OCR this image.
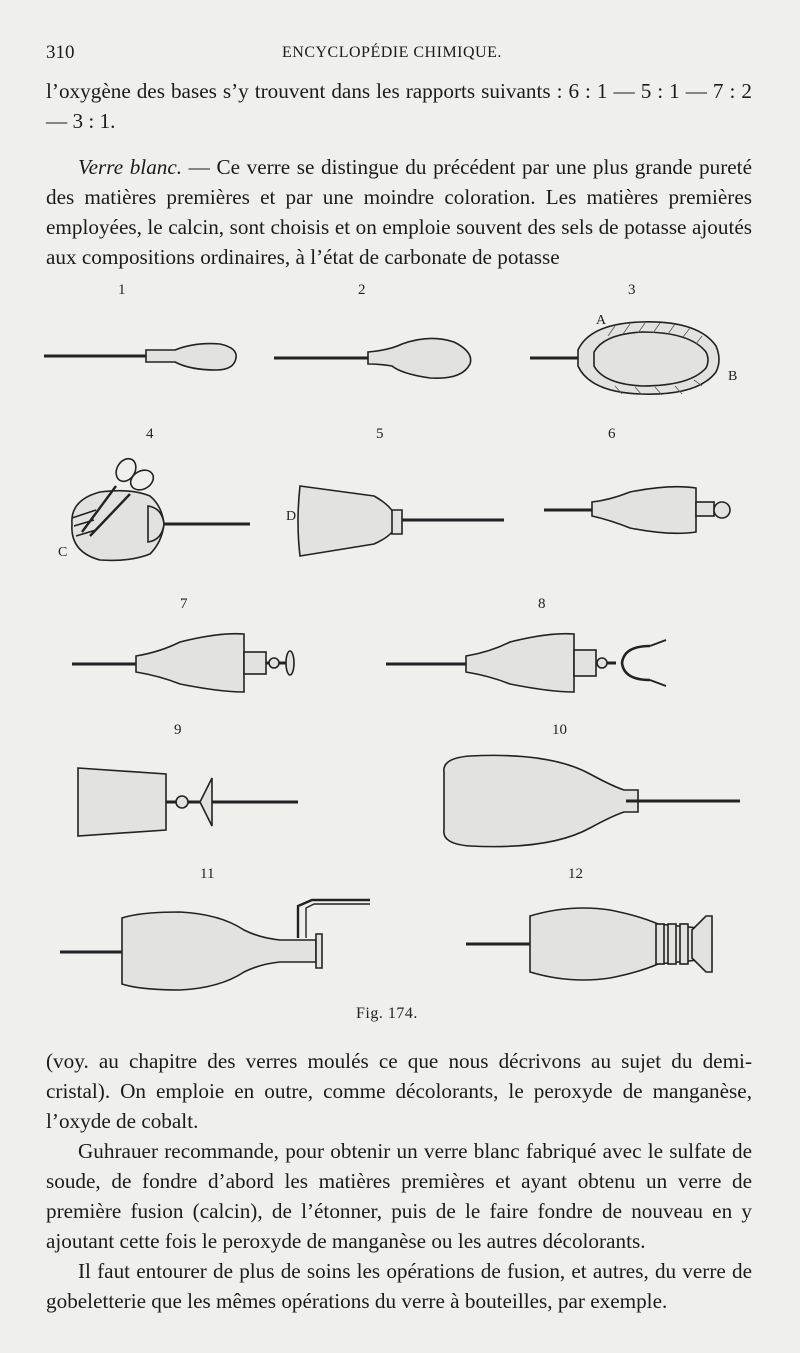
310	ENCYCLOPÉDIE CHIMIQUE.

l’oxygène des bases s’y trouvent dans les rapports suivants : 6 : 1 — 5 : 1 — 7 : 2 — 3 : 1.

Verre blanc. — Ce verre se distingue du précédent par une plus grande pureté des matières premières et par une moindre coloration. Les matières premières employées, le calcin, sont choisis et on emploie souvent des sels de potasse ajoutés aux compositions ordinaires, à l’état de carbonate de potasse

1	2	3
A
B
4	5	6
C
D
7	8
9	10
11	12
Fig. 174.

(voy. au chapitre des verres moulés ce que nous décrivons au sujet du demi-cristal). On emploie en outre, comme décolorants, le peroxyde de manganèse, l’oxyde de cobalt.

Guhrauer recommande, pour obtenir un verre blanc fabriqué avec le sulfate de soude, de fondre d’abord les matières premières et ayant obtenu un verre de première fusion (calcin), de l’étonner, puis de le faire fondre de nouveau en y ajoutant cette fois le peroxyde de manganèse ou les autres décolorants.

Il faut entourer de plus de soins les opérations de fusion, et autres, du verre de gobeletterie que les mêmes opérations du verre à bouteilles, par exemple.
